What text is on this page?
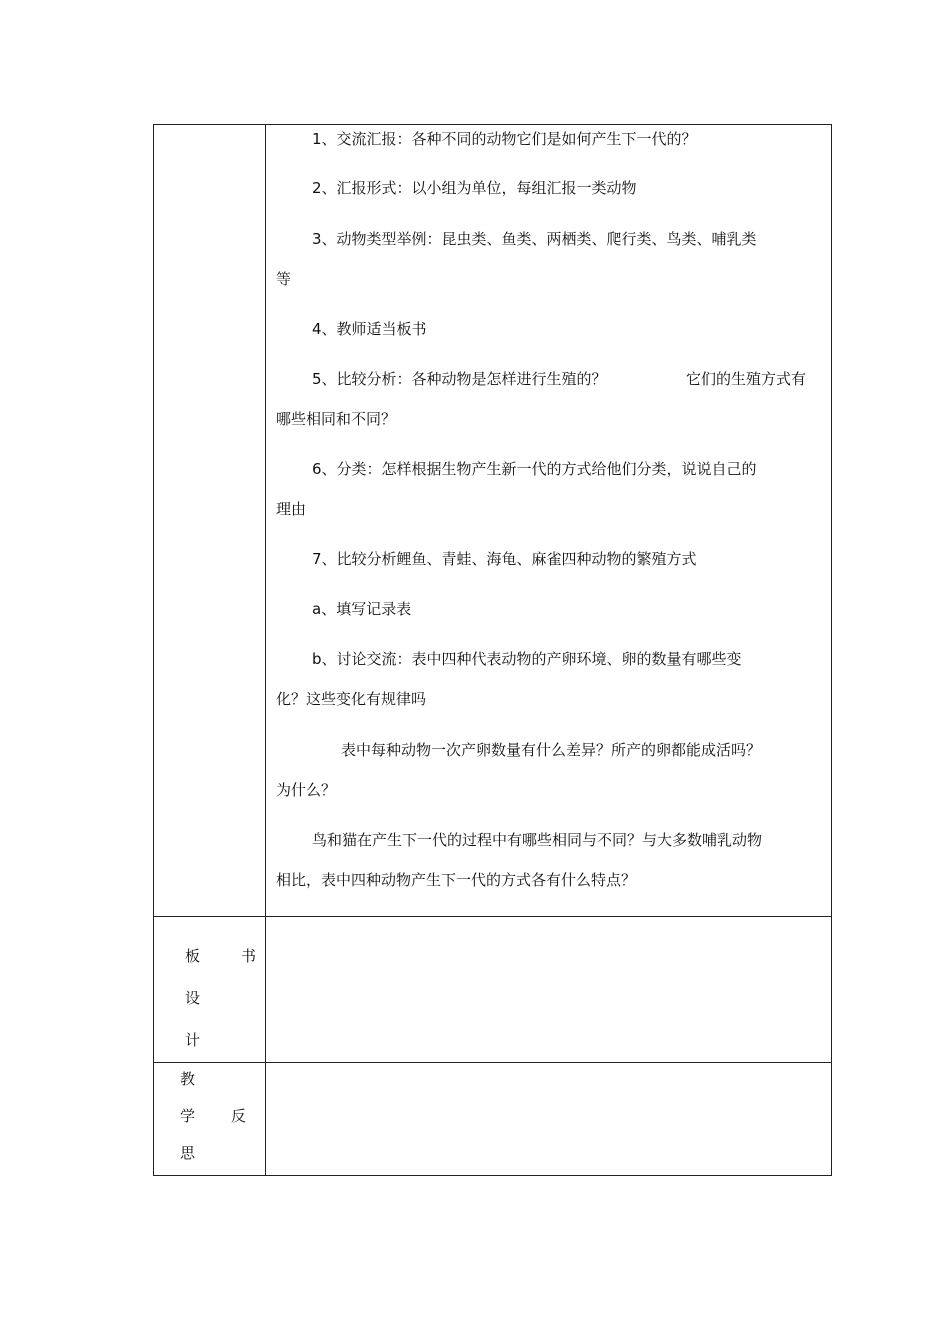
1、交流汇报：各种不同的动物它们是如何产生下一代的？
2、汇报形式：以小组为单位，每组汇报一类动物
3、动物类型举例：昆虫类、鱼类、两栖类、爬行类、鸟类、哺乳类
等
4、教师适当板书
5、比较分析：各种动物是怎样进行生殖的？	它们的生殖方式有
哪些相同和不同？
6、分类：怎样根据生物产生新一代的方式给他们分类，说说自己的
理由
7、比较分析鲤鱼、青蛙、海龟、麻雀四种动物的繁殖方式
a、填写记录表
b、讨论交流：表中四种代表动物的产卵环境、卵的数量有哪些变
化？这些变化有规律吗
表中每种动物一次产卵数量有什么差异？所产的卵都能成活吗？
为什么？
鸟和猫在产生下一代的过程中有哪些相同与不同？与大多数哺乳动物
相比，表中四种动物产生下一代的方式各有什么特点？
板	书
设
计
教
学 反
思
